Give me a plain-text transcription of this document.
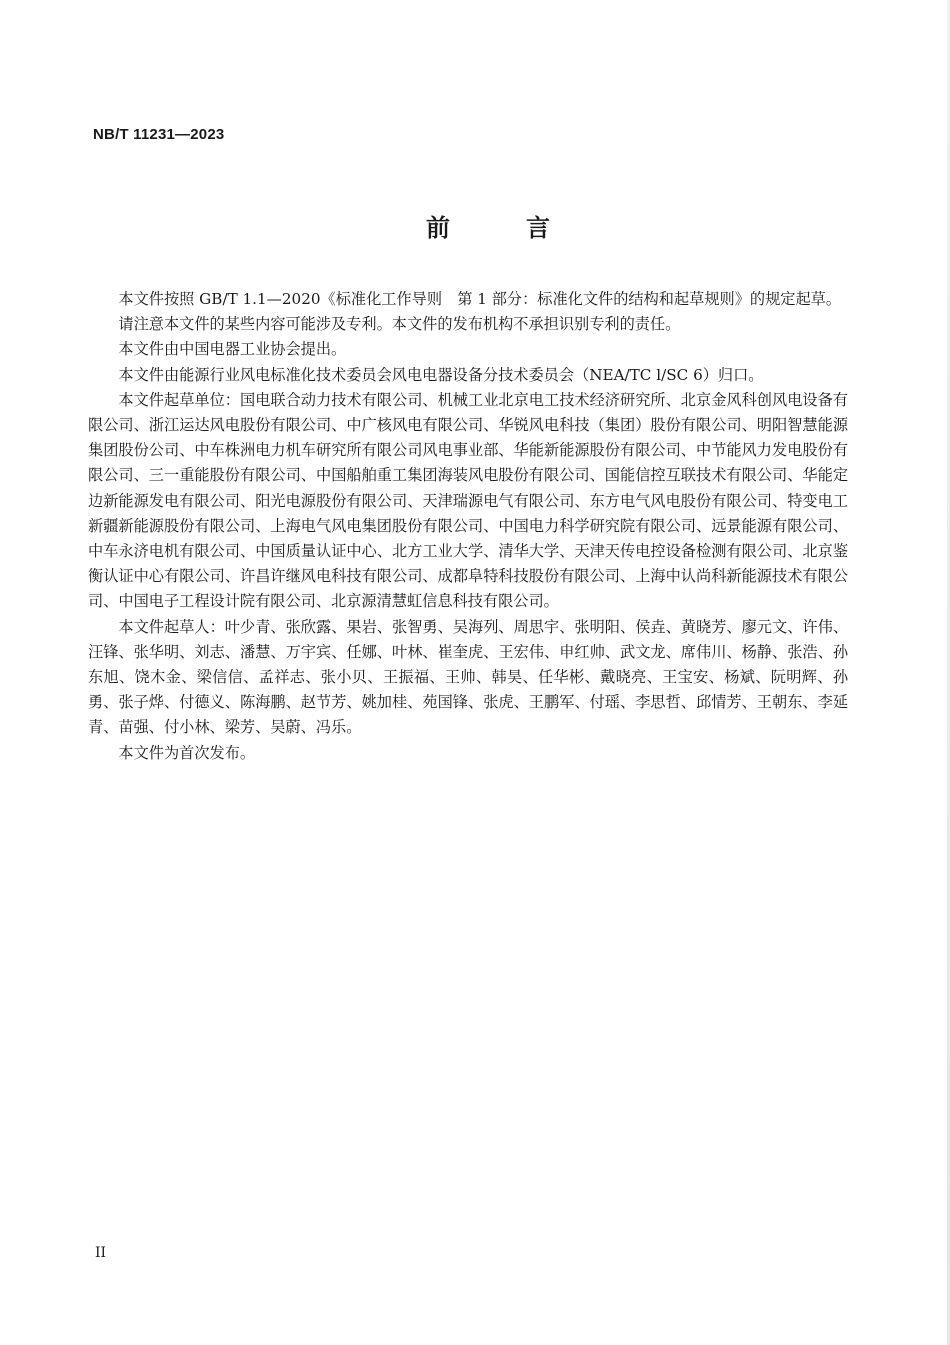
NB/T 11231—2023
前　言

本文件按照 GB/T 1.1—2020《标准化工作导则　第 1 部分：标准化文件的结构和起草规则》的规定起草。

请注意本文件的某些内容可能涉及专利。本文件的发布机构不承担识别专利的责任。

本文件由中国电器工业协会提出。

本文件由能源行业风电标准化技术委员会风电电器设备分技术委员会（NEA/TC l/SC 6）归口。

本文件起草单位：国电联合动力技术有限公司、机械工业北京电工技术经济研究所、北京金风科创风电设备有限公司、浙江运达风电股份有限公司、中广核风电有限公司、华锐风电科技（集团）股份有限公司、明阳智慧能源集团股份公司、中车株洲电力机车研究所有限公司风电事业部、华能新能源股份有限公司、中节能风力发电股份有限公司、三一重能股份有限公司、中国船舶重工集团海装风电股份有限公司、国能信控互联技术有限公司、华能定边新能源发电有限公司、阳光电源股份有限公司、天津瑞源电气有限公司、东方电气风电股份有限公司、特变电工新疆新能源股份有限公司、上海电气风电集团股份有限公司、中国电力科学研究院有限公司、远景能源有限公司、中车永济电机有限公司、中国质量认证中心、北方工业大学、清华大学、天津天传电控设备检测有限公司、北京鉴衡认证中心有限公司、许昌许继风电科技有限公司、成都阜特科技股份有限公司、上海中认尚科新能源技术有限公司、中国电子工程设计院有限公司、北京源清慧虹信息科技有限公司。

本文件起草人：叶少青、张欣露、果岩、张智勇、吴海列、周思宇、张明阳、侯垚、黄晓芳、廖元文、许伟、汪锋、张华明、刘志、潘慧、万宇宾、任娜、叶林、崔奎虎、王宏伟、申红帅、武文龙、席伟川、杨静、张浩、孙东旭、饶木金、梁信信、孟祥志、张小贝、王振福、王帅、韩昊、任华彬、戴晓亮、王宝安、杨斌、阮明辉、孙勇、张子烨、付德义、陈海鹏、赵节芳、姚加桂、苑国锋、张虎、王鹏军、付瑶、李思哲、邱情芳、王朝东、李延青、苗强、付小林、梁芳、吴蔚、冯乐。

本文件为首次发布。

II
